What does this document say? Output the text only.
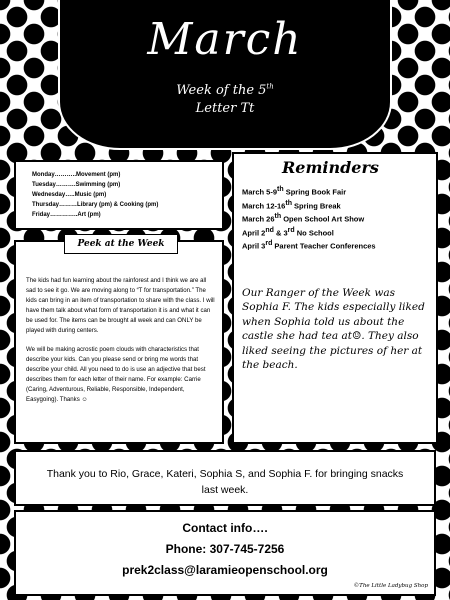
March
Week of the 5th
Letter Tt
Monday………..Movement (pm)
Tuesday……….Swimming (pm)
Wednesday…..Music (pm)
Thursday………Library (pm) & Cooking (pm)
Friday…………..Art (pm)
Reminders
March 5-9th Spring Book Fair
March 12-16th Spring Break
March 26th Open School Art Show
April 2nd & 3rd No School
April 3rd Parent Teacher Conferences
Our Ranger of the Week was Sophia F. The kids especially liked when Sophia told us about the castle she had tea at☺. They also liked seeing the pictures of her at the beach.
Peek at the Week

The kids had fun learning about the rainforest and I think we are all sad to see it go. We are moving along to “T for transportation.” The kids can bring in an item of transportation to share with the class. I will have them talk about what form of transportation it is and what it can be used for. The items can be brought all week and can ONLY be played with during centers.

We will be making acrostic poem clouds with characteristics that describe your kids. Can you please send or bring me words that describe your child. All you need to do is use an adjective that best describes them for each letter of their name. For example: Carrie (Caring, Adventurous, Reliable, Responsible, Independent, Easygoing). Thanks ☺

Thank you to Rio, Grace, Kateri, Sophia S, and Sophia F. for bringing snacks last week.
Contact info….
Phone: 307-745-7256
prek2class@laramieopenschool.org
©The Little Ladybug Shop
